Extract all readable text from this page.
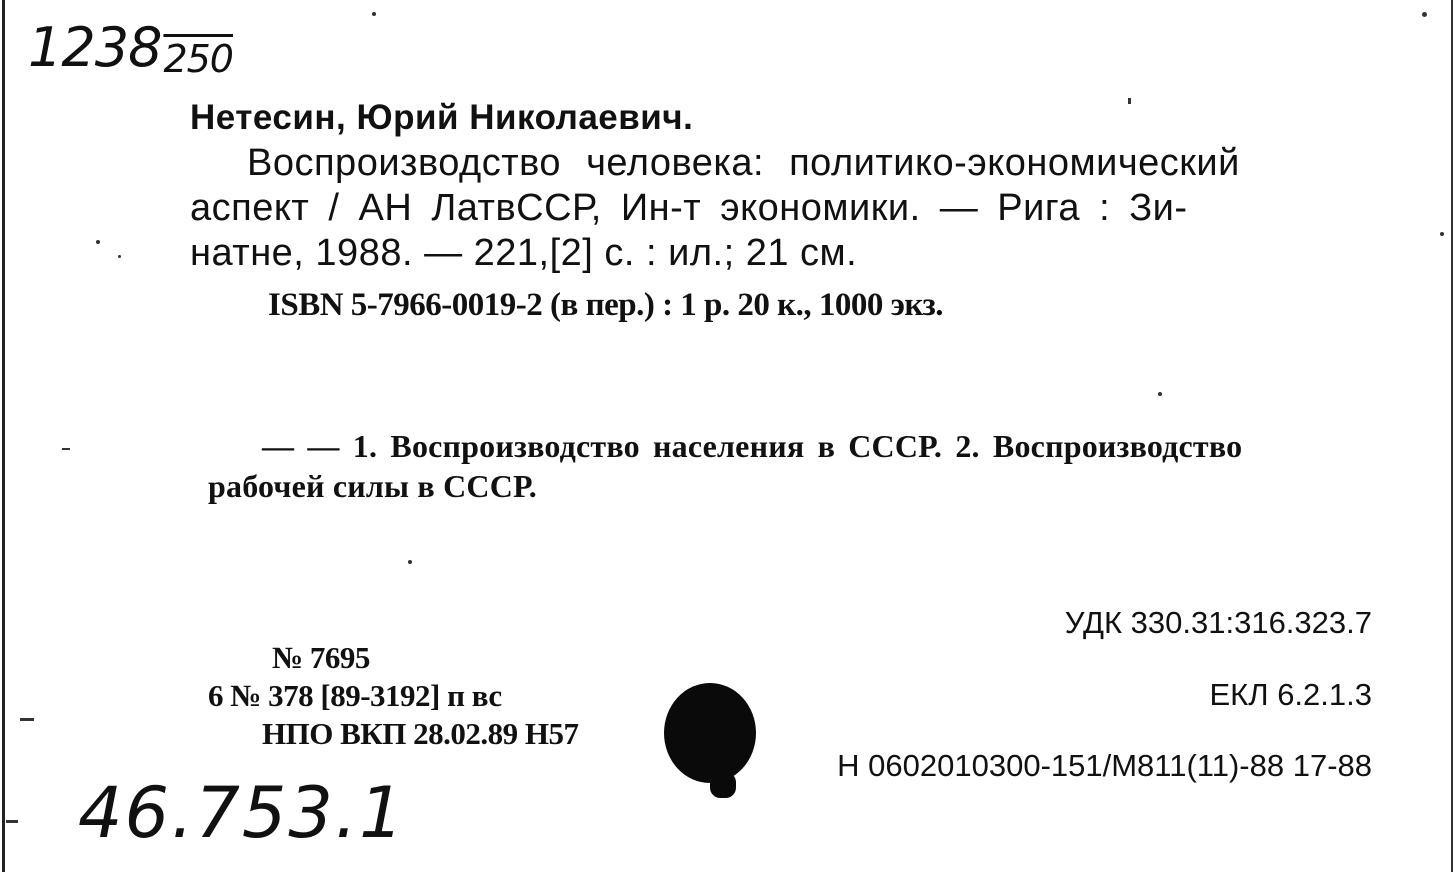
1238250
Нетесин, Юрий Николаевич.
Воспроизводство человека: политико-экономический
аспект / АН ЛатвССР, Ин-т экономики. — Рига : Зи-
натне, 1988. — 221,[2] с. : ил.; 21 см.
ISBN 5-7966-0019-2 (в пер.) : 1 р. 20 к., 1000 экз.
— — 1. Воспроизводство населения в СССР. 2. Воспроизводство
рабочей силы в СССР.
№ 7695
6 № 378 [89-3192] п вс
НПО ВКП 28.02.89 Н57
УДК 330.31:316.323.7
ЕКЛ 6.2.1.3
Н 0602010300-151/М811(11)-88 17-88
46.753.1
